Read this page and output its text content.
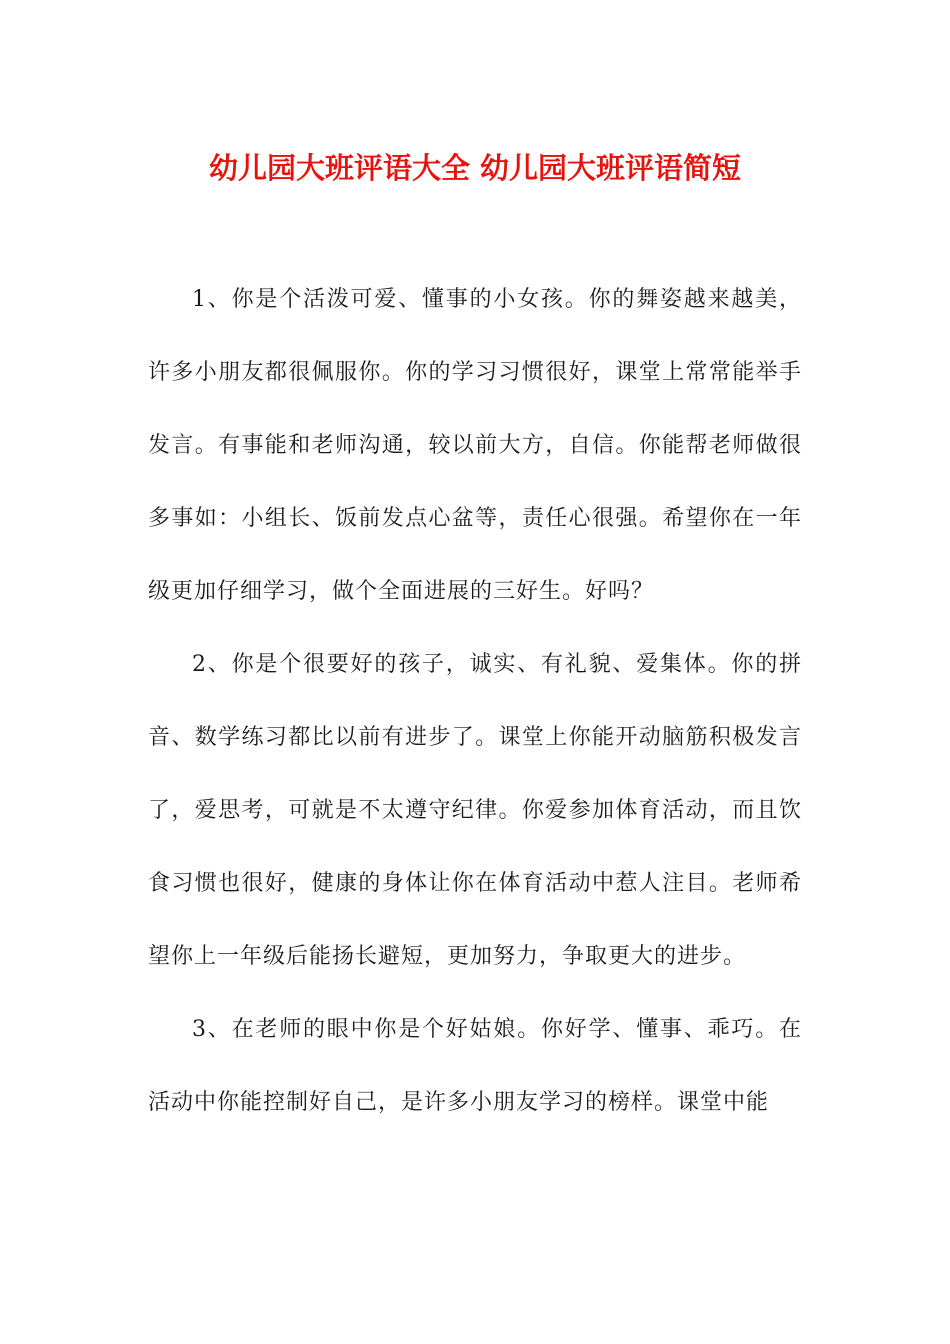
幼儿园大班评语大全 幼儿园大班评语简短

1、你是个活泼可爱、懂事的小女孩。你的舞姿越来越美，许多小朋友都很佩服你。你的学习习惯很好，课堂上常常能举手发言。有事能和老师沟通，较以前大方，自信。你能帮老师做很多事如：小组长、饭前发点心盆等，责任心很强。希望你在一年级更加仔细学习，做个全面进展的三好生。好吗？

2、你是个很要好的孩子，诚实、有礼貌、爱集体。你的拼音、数学练习都比以前有进步了。课堂上你能开动脑筋积极发言了，爱思考，可就是不太遵守纪律。你爱参加体育活动，而且饮食习惯也很好，健康的身体让你在体育活动中惹人注目。老师希望你上一年级后能扬长避短，更加努力，争取更大的进步。

3、在老师的眼中你是个好姑娘。你好学、懂事、乖巧。在活动中你能控制好自己，是许多小朋友学习的榜样。课堂中能
